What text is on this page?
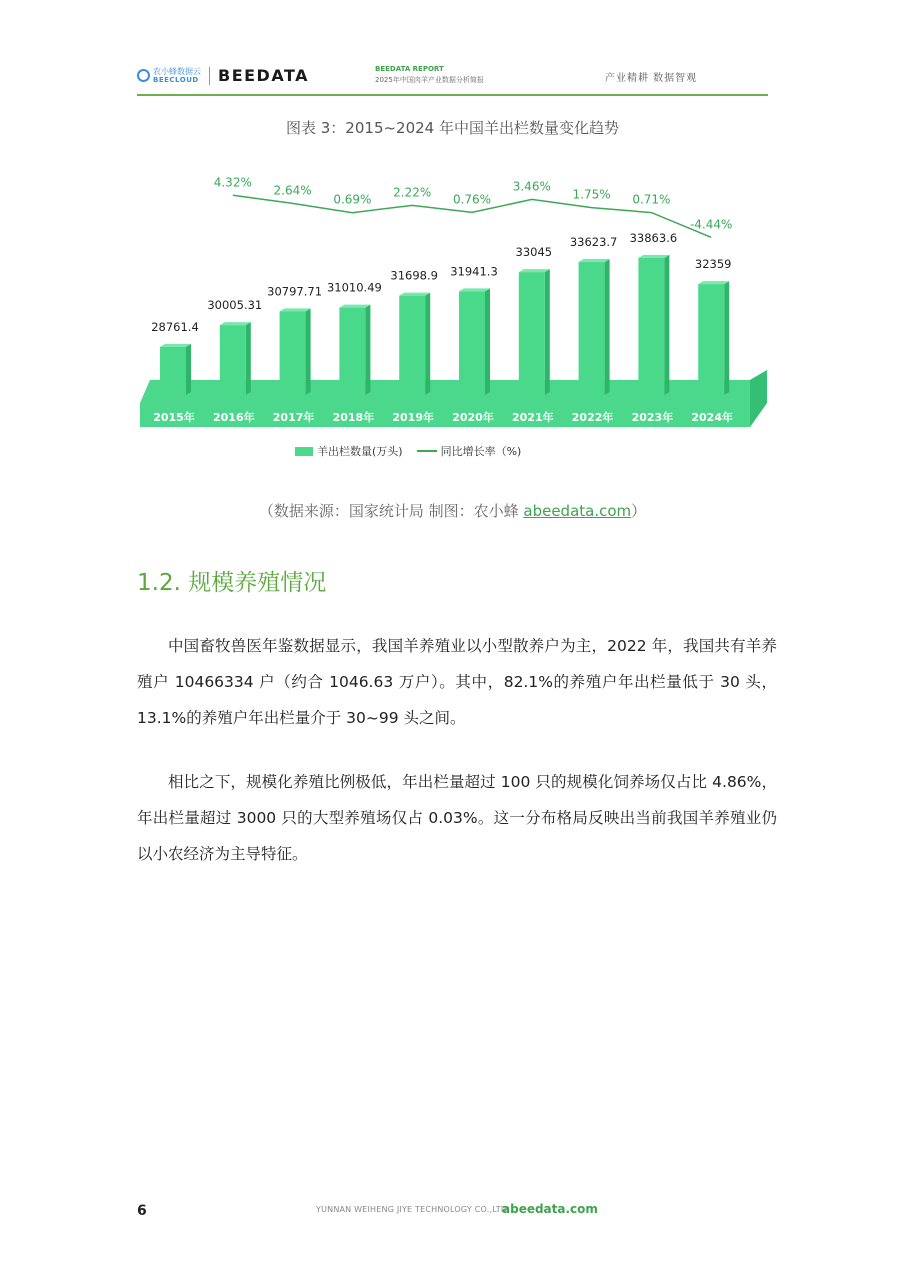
农小蜂数据云
BEECLOUD BEEDATA	BEEDATA REPORT
2025年中国肉羊产业数据分析简报	产业精耕 数据智观
图表 3：2015~2024 年中国羊出栏数量变化趋势
28761.4
2015年
30005.31
2016年
30797.71
2017年
31010.49
2018年
31698.9
2019年
31941.3
2020年
33045
2021年
33623.7
2022年
33863.6
2023年
32359
2024年
4.32%
2.64%
0.69%
2.22%
0.76%
3.46%
1.75% 0.71%
-4.44%
羊出栏数量(万头)	同比增长率（%)
（数据来源：国家统计局 制图：农小蜂 abeedata.com）
1.2. 规模养殖情况
中国畜牧兽医年鉴数据显示，我国羊养殖业以小型散养户为主，2022 年，我国共有羊养殖户 10466334 户（约合 1046.63 万户）。其中，82.1%的养殖户年出栏量低于 30 头，13.1%的养殖户年出栏量介于 30~99 头之间。
相比之下，规模化养殖比例极低，年出栏量超过 100 只的规模化饲养场仅占比 4.86%，年出栏量超过 3000 只的大型养殖场仅占 0.03%。这一分布格局反映出当前我国羊养殖业仍以小农经济为主导特征。
6	YUNNAN WEIHENG JIYE TECHNOLOGY CO.,LTD.
abeedata.com
